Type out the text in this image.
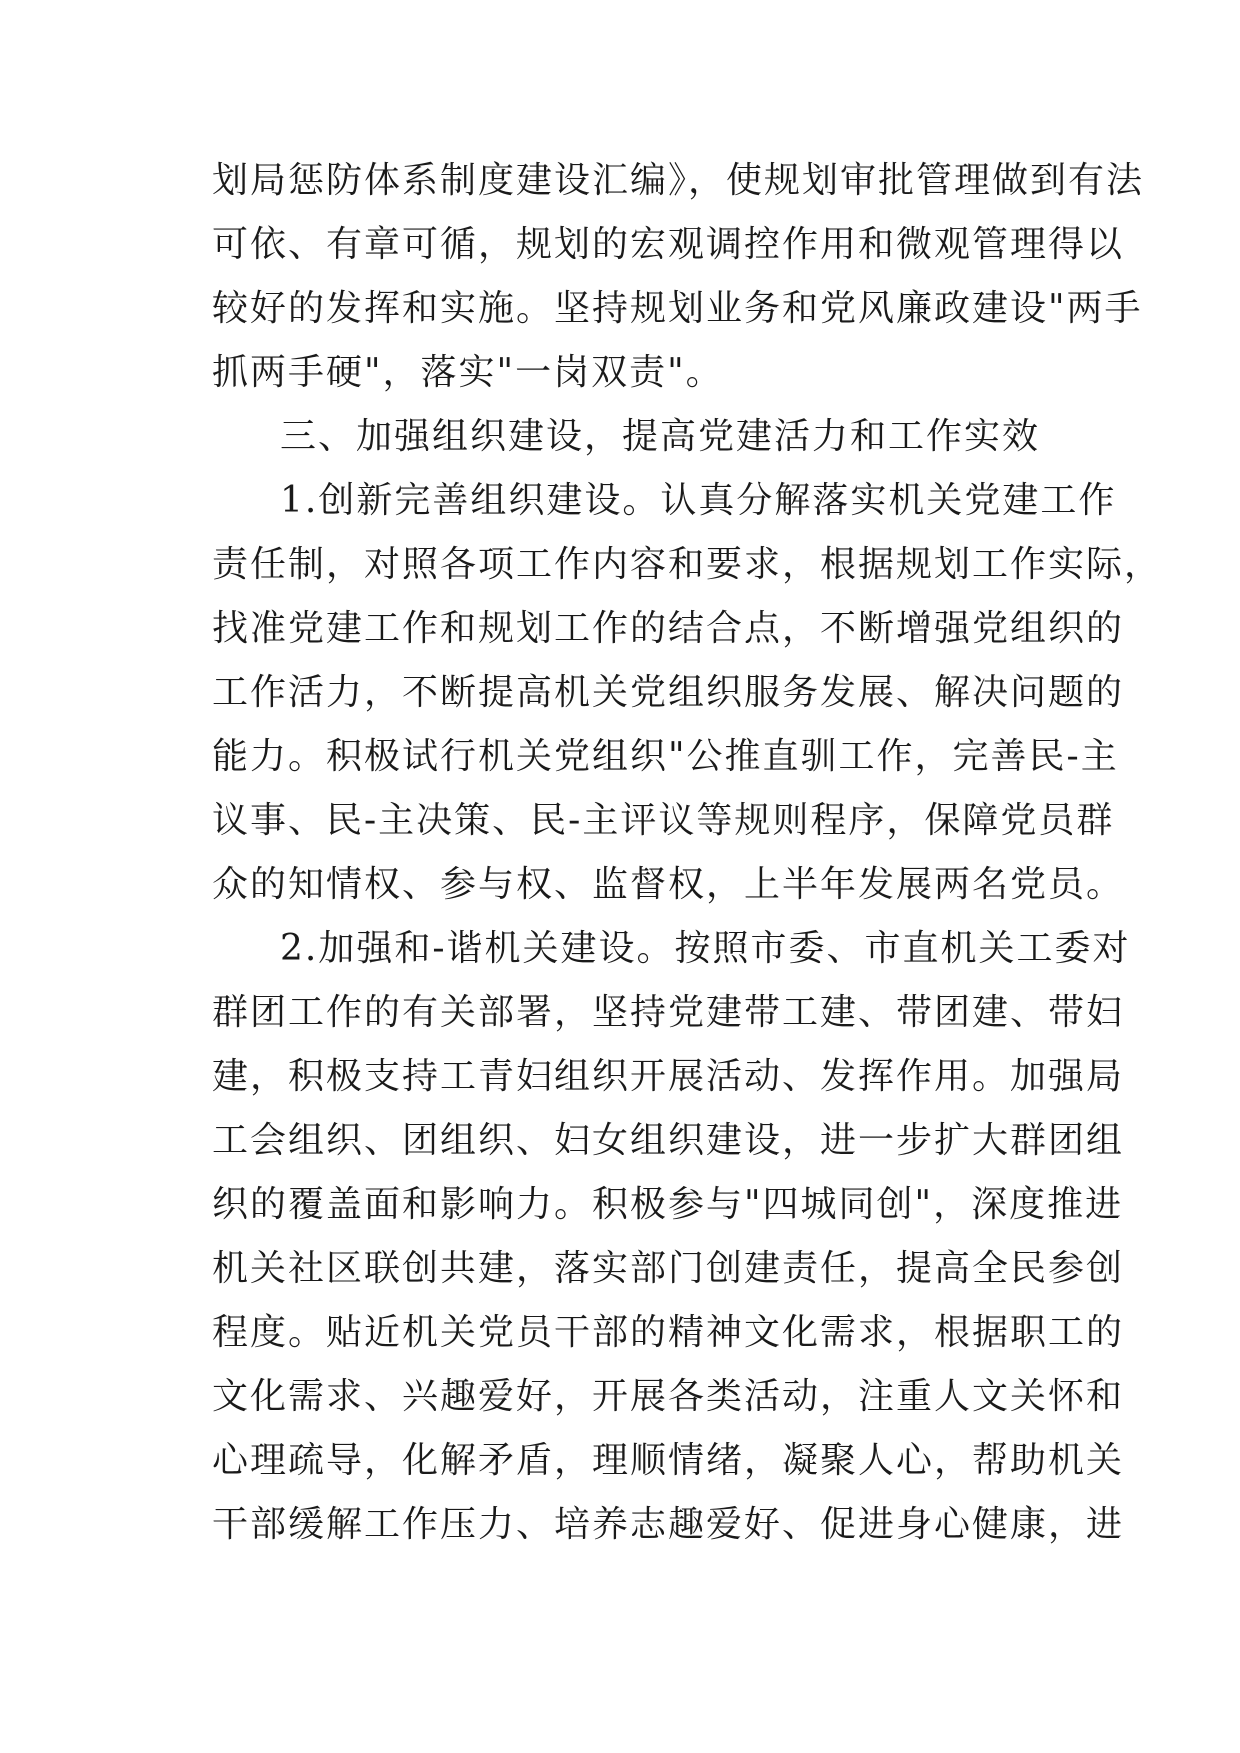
划局惩防体系制度建设汇编》，使规划审批管理做到有法
可依、有章可循，规划的宏观调控作用和微观管理得以
较好的发挥和实施。坚持规划业务和党风廉政建设"两手
抓两手硬"，落实"一岗双责"。
三、加强组织建设，提高党建活力和工作实效
1.创新完善组织建设。认真分解落实机关党建工作
责任制，对照各项工作内容和要求，根据规划工作实际，
找准党建工作和规划工作的结合点，不断增强党组织的
工作活力，不断提高机关党组织服务发展、解决问题的
能力。积极试行机关党组织"公推直驯工作，完善民-主
议事、民-主决策、民-主评议等规则程序，保障党员群
众的知情权、参与权、监督权，上半年发展两名党员。
2.加强和-谐机关建设。按照市委、市直机关工委对
群团工作的有关部署，坚持党建带工建、带团建、带妇
建，积极支持工青妇组织开展活动、发挥作用。加强局
工会组织、团组织、妇女组织建设，进一步扩大群团组
织的覆盖面和影响力。积极参与"四城同创"，深度推进
机关社区联创共建，落实部门创建责任，提高全民参创
程度。贴近机关党员干部的精神文化需求，根据职工的
文化需求、兴趣爱好，开展各类活动，注重人文关怀和
心理疏导，化解矛盾，理顺情绪，凝聚人心，帮助机关
干部缓解工作压力、培养志趣爱好、促进身心健康，进
